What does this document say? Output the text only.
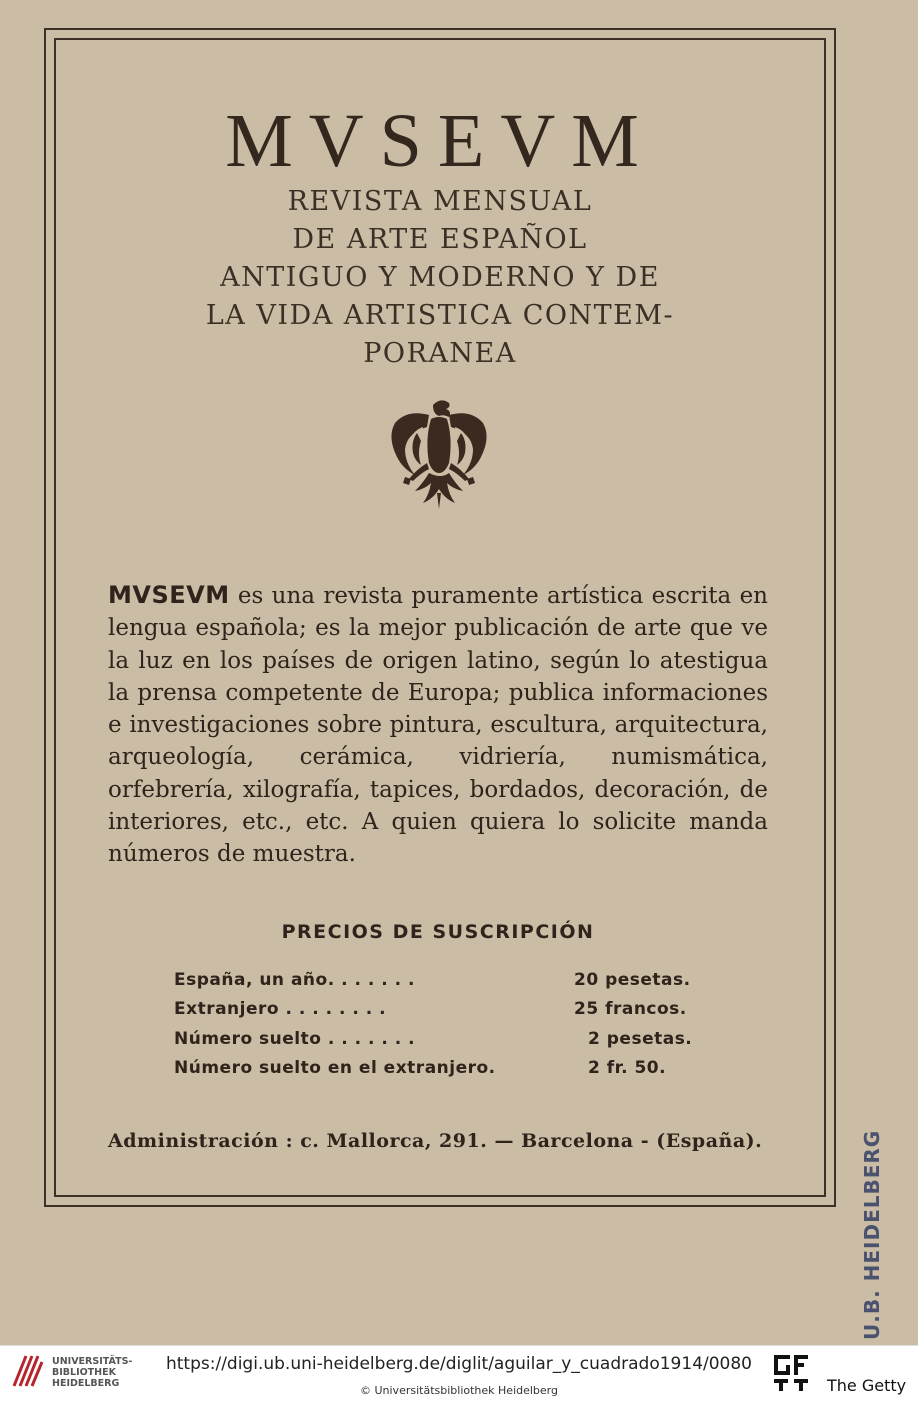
MVSEVM
REVISTA MENSUAL
DE ARTE ESPAÑOL
ANTIGUO Y MODERNO Y DE
LA VIDA ARTISTICA CONTEM-
PORANEA
MVSEVM es una revista puramente artística escrita en lengua española; es la mejor publicación de arte que ve la luz en los países de origen latino, según lo atestigua la prensa competente de Europa; publica informaciones e investigaciones sobre pintura, escultura, arquitectura, arqueología, cerámica, vidriería, numismática, orfebrería, xilografía, tapices, bordados, decoración, de interiores, etc., etc. A quien quiera lo solicite manda números de muestra.
PRECIOS DE SUSCRIPCIÓN
España, un año. . . . . . .	20 pesetas.
Extranjero . . . . . . . .	25 francos.
Número suelto . . . . . . .	2 pesetas.
Número suelto en el extranjero.	2 fr. 50.
Administración : c. Mallorca, 291. — Barcelona - (España).	U.B. HEIDELBERG
UNIVERSITÄTS-
BIBLIOTHEK
HEIDELBERG
https://digi.ub.uni-heidelberg.de/diglit/aguilar_y_cuadrado1914/0080
© Universitätsbibliothek Heidelberg	The Getty
